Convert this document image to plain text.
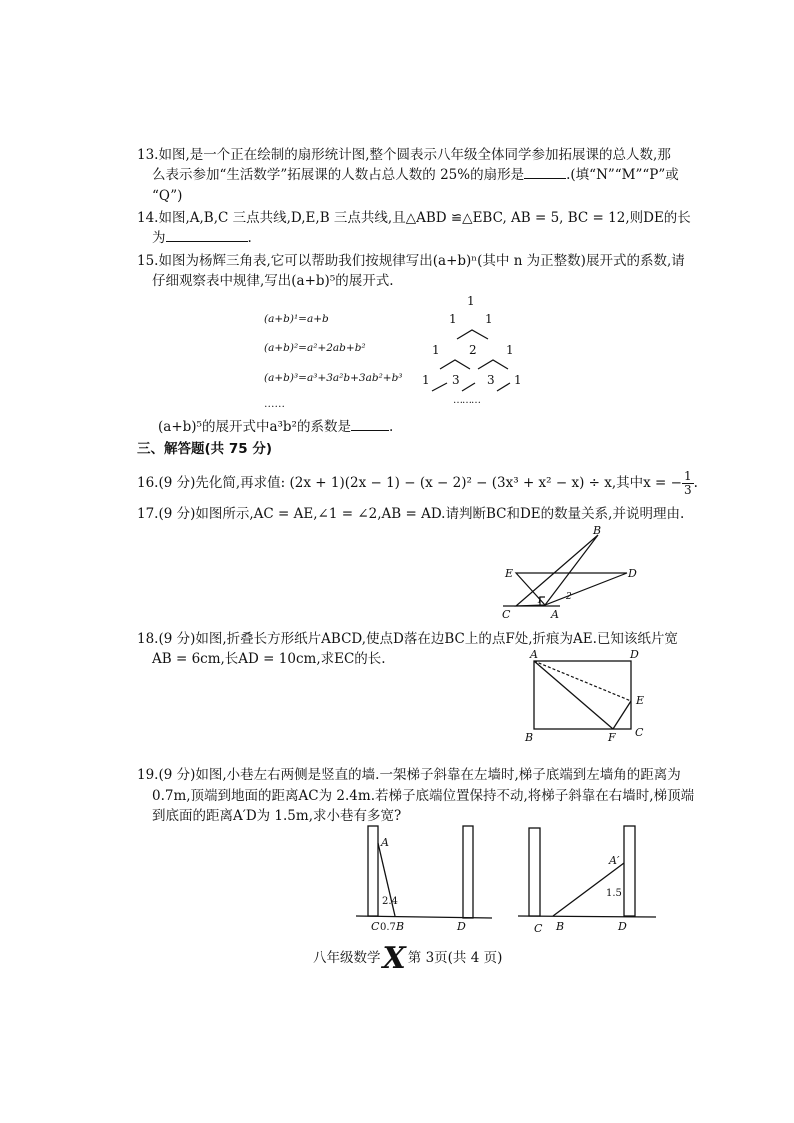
13.如图,是一个正在绘制的扇形统计图,整个圆表示八年级全体同学参加拓展课的总人数,那
么表示参加“生活数学”拓展课的人数占总人数的 25%的扇形是	.(填“N”“M”“P”或
“Q”)
14.如图,A,B,C 三点共线,D,E,B 三点共线,且△ABD ≌△EBC, AB = 5, BC = 12,则DE的长
为	.
15.如图为杨辉三角表,它可以帮助我们按规律写出(a+b)ⁿ(其中 n 为正整数)展开式的系数,请
仔细观察表中规律,写出(a+b)⁵的展开式.
(a+b)¹=a+b
(a+b)²=a²+2ab+b²
(a+b)³=a³+3a²b+3ab²+b³
……
1
1 1
1 2 1
1 3 3 1
………
(a+b)⁵的展开式中a³b²的系数是	.
三、解答题(共 75 分)
16.(9 分)先化简,再求值: (2x + 1)(2x − 1) − (x − 2)² − (3x³ + x² − x) ÷ x,其中x = − $\frac{1}{3}$ .
17.(9 分)如图所示,AC = AE,∠1 = ∠2,AB = AD.请判断BC和DE的数量关系,并说明理由.
B
E	D
C	A
1	2
18.(9 分)如图,折叠长方形纸片ABCD,使点D落在边BC上的点F处,折痕为AE.已知该纸片宽
AB = 6cm,长AD = 10cm,求EC的长.	A	D
E
B	F C
19.(9 分)如图,小巷左右两侧是竖直的墙.一架梯子斜靠在左墙时,梯子底端到左墙角的距离为
0.7m,顶端到地面的距离AC为 2.4m.若梯子底端位置保持不动,将梯子斜靠在右墙时,梯顶端
到底面的距离A′D为 1.5m,求小巷有多宽?
A
2.4
C 0.7 B	D
A′
1.5
C B	D
八年级数学X 第 3页(共 4 页)
